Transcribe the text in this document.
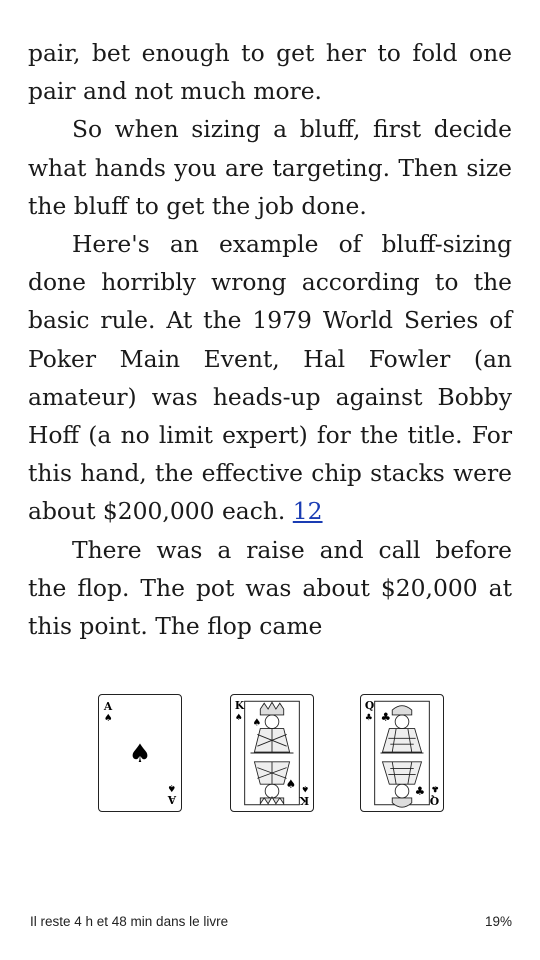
pair, bet enough to get her to fold one pair and not much more.

So when sizing a bluff, first decide what hands you are targeting. Then size the bluff to get the job done.

Here's an example of bluff-sizing done horribly wrong according to the basic rule. At the 1979 World Series of Poker Main Event, Hal Fowler (an amateur) was heads-up against Bobby Hoff (a no limit expert) for the title. For this hand, the effective chip stacks were about $200,000 each. 12

There was a raise and call before the flop. The pot was about $20,000 at this point. The flop came

A
♠
♠
A
♠
K
♠ ♠
♠
K
♠
Q
♣ ♣
♣
Q
♣
Il reste 4 h et 48 min dans le livre	19%
